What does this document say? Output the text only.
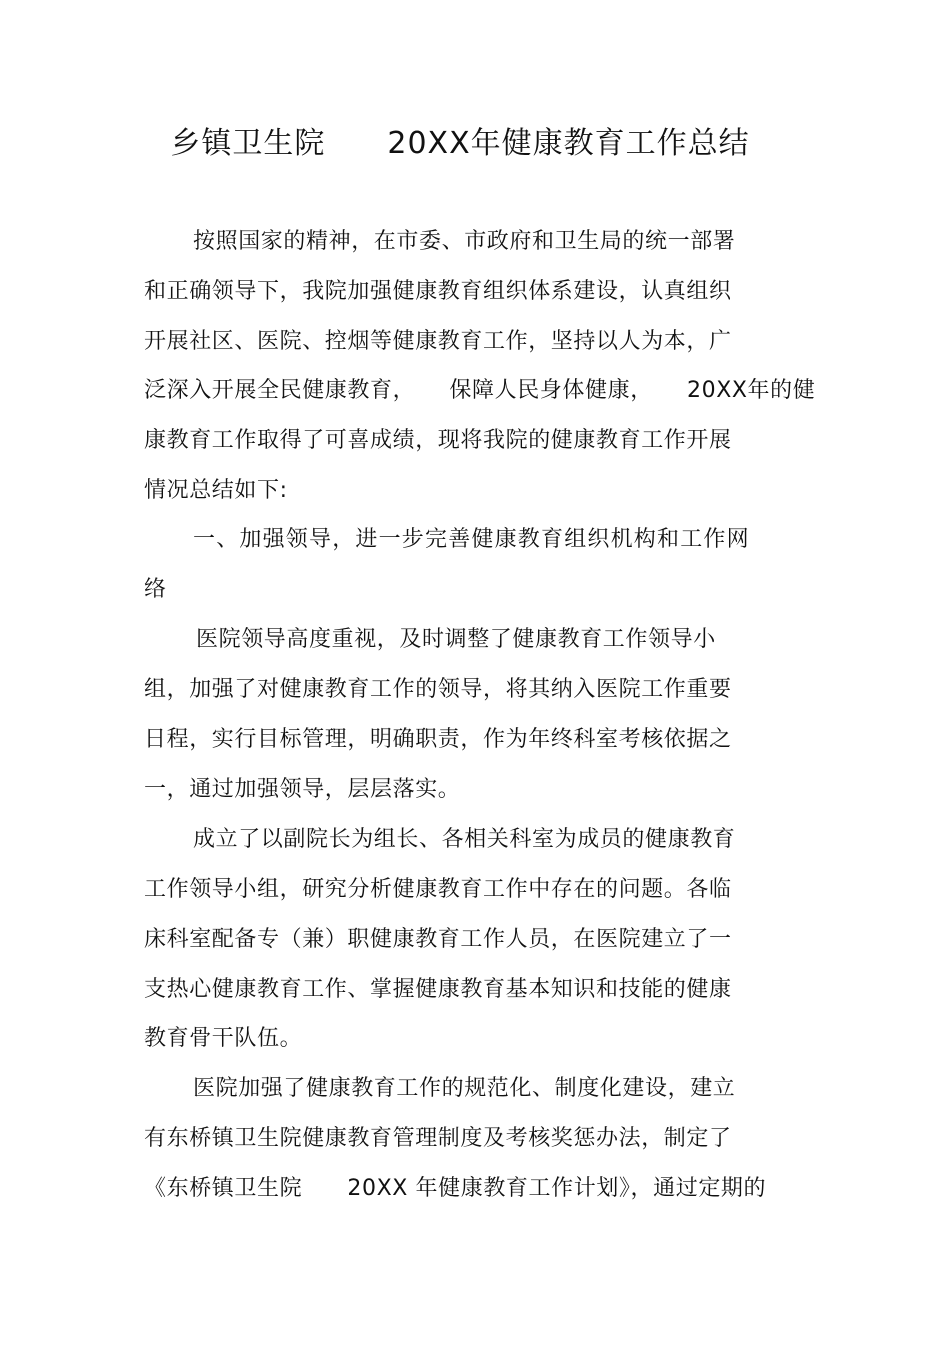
乡镇卫生院　　20XX年健康教育工作总结
按照国家的精神，在市委、市政府和卫生局的统一部署
和正确领导下，我院加强健康教育组织体系建设，认真组织
开展社区、医院、控烟等健康教育工作，坚持以人为本，广
泛深入开展全民健康教育，　　保障人民身体健康，　　20XX年的健
康教育工作取得了可喜成绩，现将我院的健康教育工作开展
情况总结如下:
一、加强领导，进一步完善健康教育组织机构和工作网
络
医院领导高度重视，及时调整了健康教育工作领导小
组，加强了对健康教育工作的领导，将其纳入医院工作重要
日程，实行目标管理，明确职责，作为年终科室考核依据之
一，通过加强领导，层层落实。
成立了以副院长为组长、各相关科室为成员的健康教育
工作领导小组，研究分析健康教育工作中存在的问题。各临
床科室配备专（兼）职健康教育工作人员，在医院建立了一
支热心健康教育工作、掌握健康教育基本知识和技能的健康
教育骨干队伍。
医院加强了健康教育工作的规范化、制度化建设，建立
有东桥镇卫生院健康教育管理制度及考核奖惩办法，制定了
《东桥镇卫生院　　20XX 年健康教育工作计划》，通过定期的
